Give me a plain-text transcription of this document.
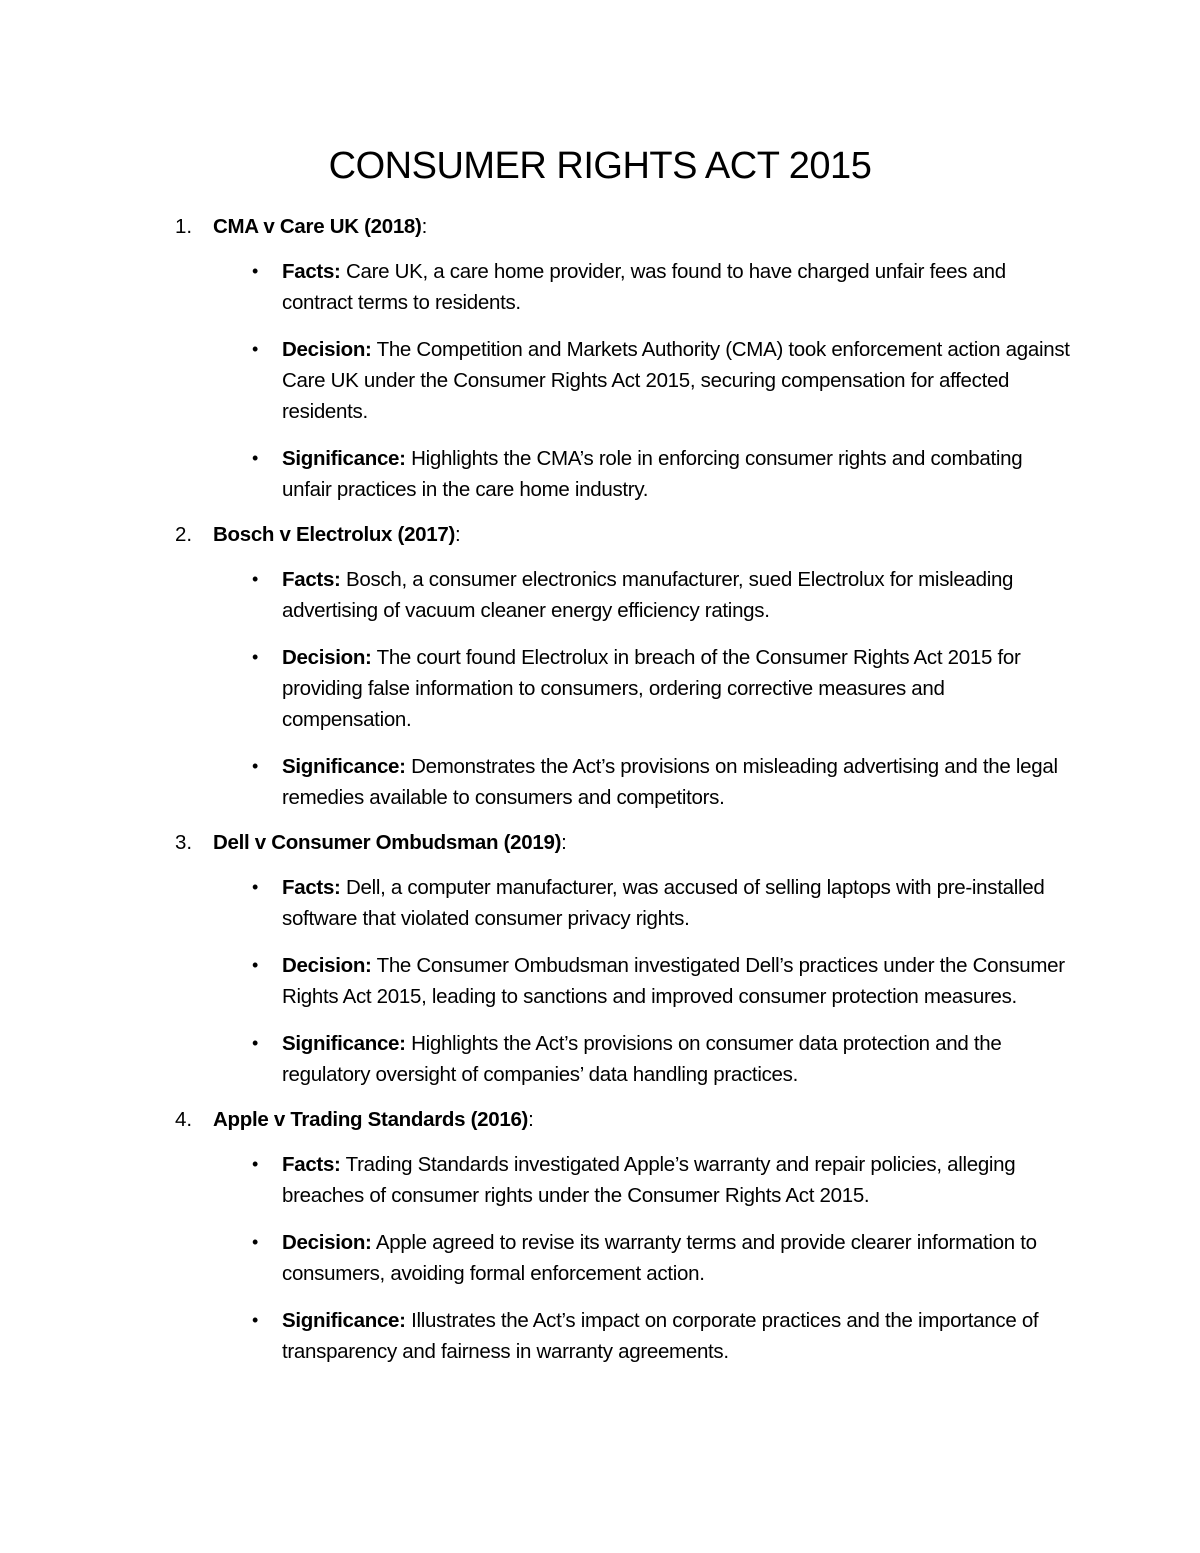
CONSUMER RIGHTS ACT 2015
1. CMA v Care UK (2018):
• Facts: Care UK, a care home provider, was found to have charged unfair fees and contract terms to residents.
• Decision: The Competition and Markets Authority (CMA) took enforcement action against Care UK under the Consumer Rights Act 2015, securing compensation for affected residents.
• Significance: Highlights the CMA’s role in enforcing consumer rights and combating unfair practices in the care home industry.
2. Bosch v Electrolux (2017):
• Facts: Bosch, a consumer electronics manufacturer, sued Electrolux for misleading advertising of vacuum cleaner energy efficiency ratings.
• Decision: The court found Electrolux in breach of the Consumer Rights Act 2015 for providing false information to consumers, ordering corrective measures and compensation.
• Significance: Demonstrates the Act’s provisions on misleading advertising and the legal remedies available to consumers and competitors.
3. Dell v Consumer Ombudsman (2019):
• Facts: Dell, a computer manufacturer, was accused of selling laptops with pre-installed software that violated consumer privacy rights.
• Decision: The Consumer Ombudsman investigated Dell’s practices under the Consumer Rights Act 2015, leading to sanctions and improved consumer protection measures.
• Significance: Highlights the Act’s provisions on consumer data protection and the regulatory oversight of companies’ data handling practices.
4. Apple v Trading Standards (2016):
• Facts: Trading Standards investigated Apple’s warranty and repair policies, alleging breaches of consumer rights under the Consumer Rights Act 2015.
• Decision: Apple agreed to revise its warranty terms and provide clearer information to consumers, avoiding formal enforcement action.
• Significance: Illustrates the Act’s impact on corporate practices and the importance of transparency and fairness in warranty agreements.
